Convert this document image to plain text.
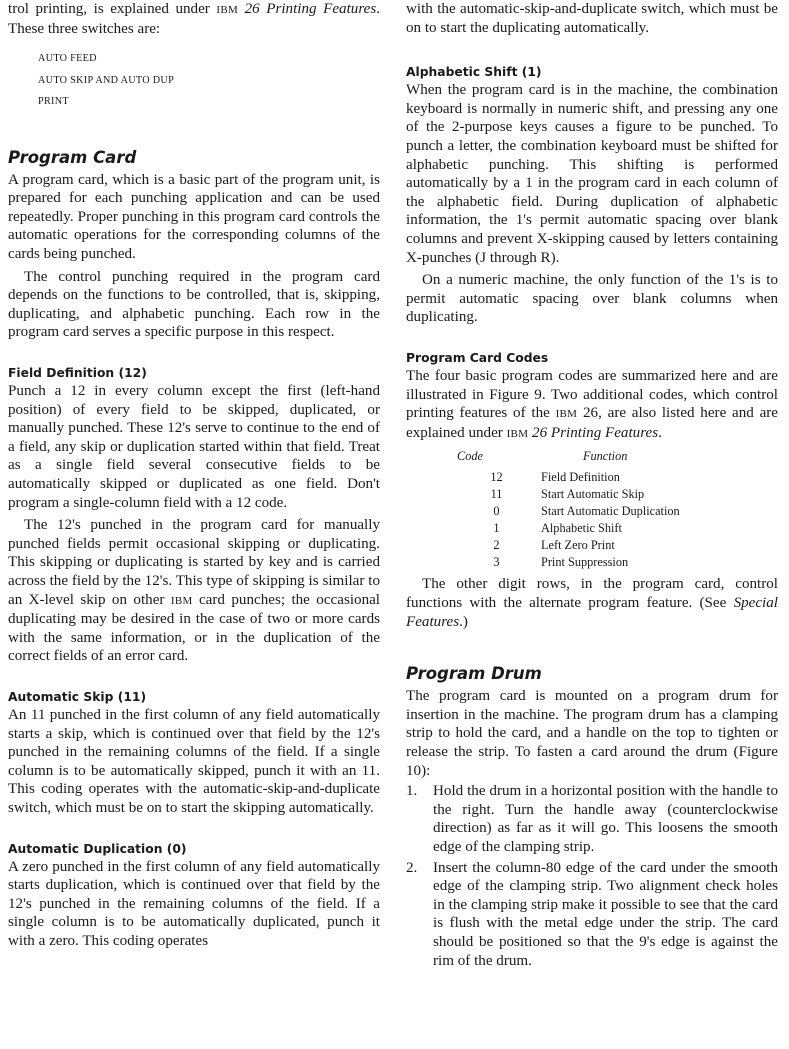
trol printing, is explained under IBM 26 Printing Features. These three switches are:

AUTO FEED
AUTO SKIP AND AUTO DUP
PRINT
Program Card

A program card, which is a basic part of the program unit, is prepared for each punching application and can be used repeatedly. Proper punching in this program card controls the automatic operations for the corresponding columns of the cards being punched.

The control punching required in the program card depends on the functions to be controlled, that is, skipping, duplicating, and alphabetic punching. Each row in the program card serves a specific purpose in this respect.

Field Definition (12)

Punch a 12 in every column except the first (left-hand position) of every field to be skipped, duplicated, or manually punched. These 12's serve to continue to the end of a field, any skip or duplication started within that field. Treat as a single field several consecutive fields to be automatically skipped or duplicated as one field. Don't program a single-column field with a 12 code.

The 12's punched in the program card for manually punched fields permit occasional skipping or duplicating. This skipping or duplicating is started by key and is carried across the field by the 12's. This type of skipping is similar to an X-level skip on other IBM card punches; the occasional duplicating may be desired in the case of two or more cards with the same information, or in the duplication of the correct fields of an error card.

Automatic Skip (11)

An 11 punched in the first column of any field automatically starts a skip, which is continued over that field by the 12's punched in the remaining columns of the field. If a single column is to be automatically skipped, punch it with an 11. This coding operates with the automatic-skip-and-duplicate switch, which must be on to start the skipping automatically.

Automatic Duplication (0)

A zero punched in the first column of any field automatically starts duplication, which is continued over that field by the 12's punched in the remaining columns of the field. If a single column is to be automatically duplicated, punch it with a zero. This coding operates

with the automatic-skip-and-duplicate switch, which must be on to start the duplicating automatically.

Alphabetic Shift (1)

When the program card is in the machine, the combination keyboard is normally in numeric shift, and pressing any one of the 2-purpose keys causes a figure to be punched. To punch a letter, the combination keyboard must be shifted for alphabetic punching. This shifting is performed automatically by a 1 in the program card in each column of the alphabetic field. During duplication of alphabetic information, the 1's permit automatic spacing over blank columns and prevent X-skipping caused by letters containing X-punches (J through R).

On a numeric machine, the only function of the 1's is to permit automatic spacing over blank columns when duplicating.

Program Card Codes

The four basic program codes are summarized here and are illustrated in Figure 9. Two additional codes, which control printing features of the IBM 26, are also listed here and are explained under IBM 26 Printing Features.

Code	Function
12	Field Definition
11	Start Automatic Skip
0	Start Automatic Duplication
1	Alphabetic Shift
2	Left Zero Print
3	Print Suppression

The other digit rows, in the program card, control functions with the alternate program feature. (See Special Features.)

Program Drum

The program card is mounted on a program drum for insertion in the machine. The program drum has a clamping strip to hold the card, and a handle on the top to tighten or release the strip. To fasten a card around the drum (Figure 10):

1. Hold the drum in a horizontal position with the handle to the right. Turn the handle away (counterclockwise direction) as far as it will go. This loosens the smooth edge of the clamping strip.
2. Insert the column-80 edge of the card under the smooth edge of the clamping strip. Two alignment check holes in the clamping strip make it possible to see that the card is flush with the metal edge under the strip. The card should be positioned so that the 9's edge is against the rim of the drum.
